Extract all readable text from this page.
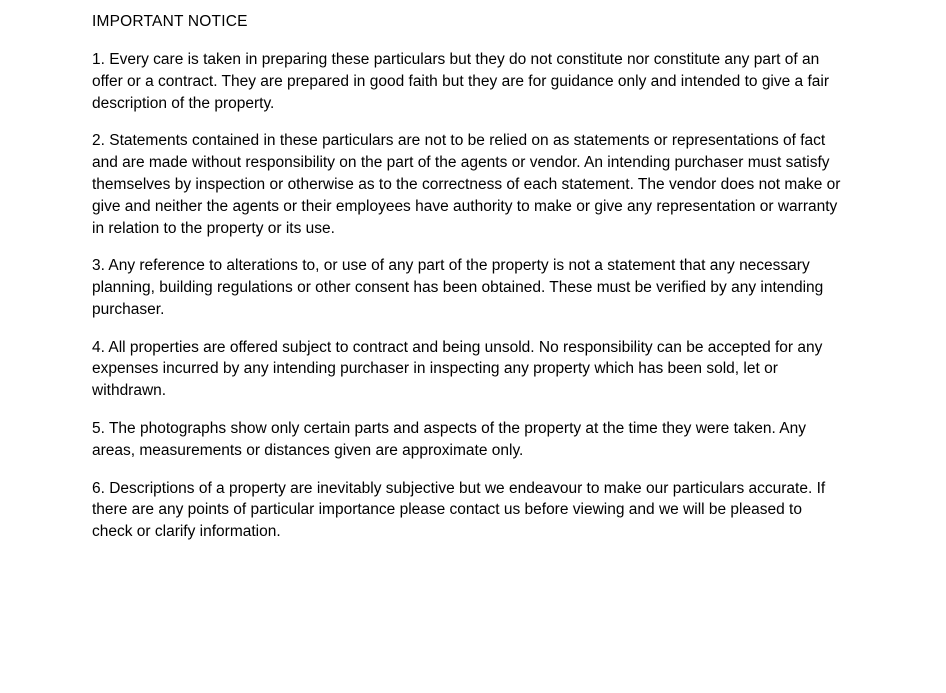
IMPORTANT NOTICE

1. Every care is taken in preparing these particulars but they do not constitute nor constitute any part of an offer or a contract. They are prepared in good faith but they are for guidance only and intended to give a fair description of the property.

2. Statements contained in these particulars are not to be relied on as statements or representations of fact and are made without responsibility on the part of the agents or vendor. An intending purchaser must satisfy themselves by inspection or otherwise as to the correctness of each statement. The vendor does not make or give and neither the agents or their employees have authority to make or give any representation or warranty in relation to the property or its use.

3. Any reference to alterations to, or use of any part of the property is not a statement that any necessary planning, building regulations or other consent has been obtained. These must be verified by any intending purchaser.

4. All properties are offered subject to contract and being unsold. No responsibility can be accepted for any expenses incurred by any intending purchaser in inspecting any property which has been sold, let or withdrawn.

5. The photographs show only certain parts and aspects of the property at the time they were taken. Any areas, measurements or distances given are approximate only.

6. Descriptions of a property are inevitably subjective but we endeavour to make our particulars accurate. If there are any points of particular importance please contact us before viewing and we will be pleased to check or clarify information.
